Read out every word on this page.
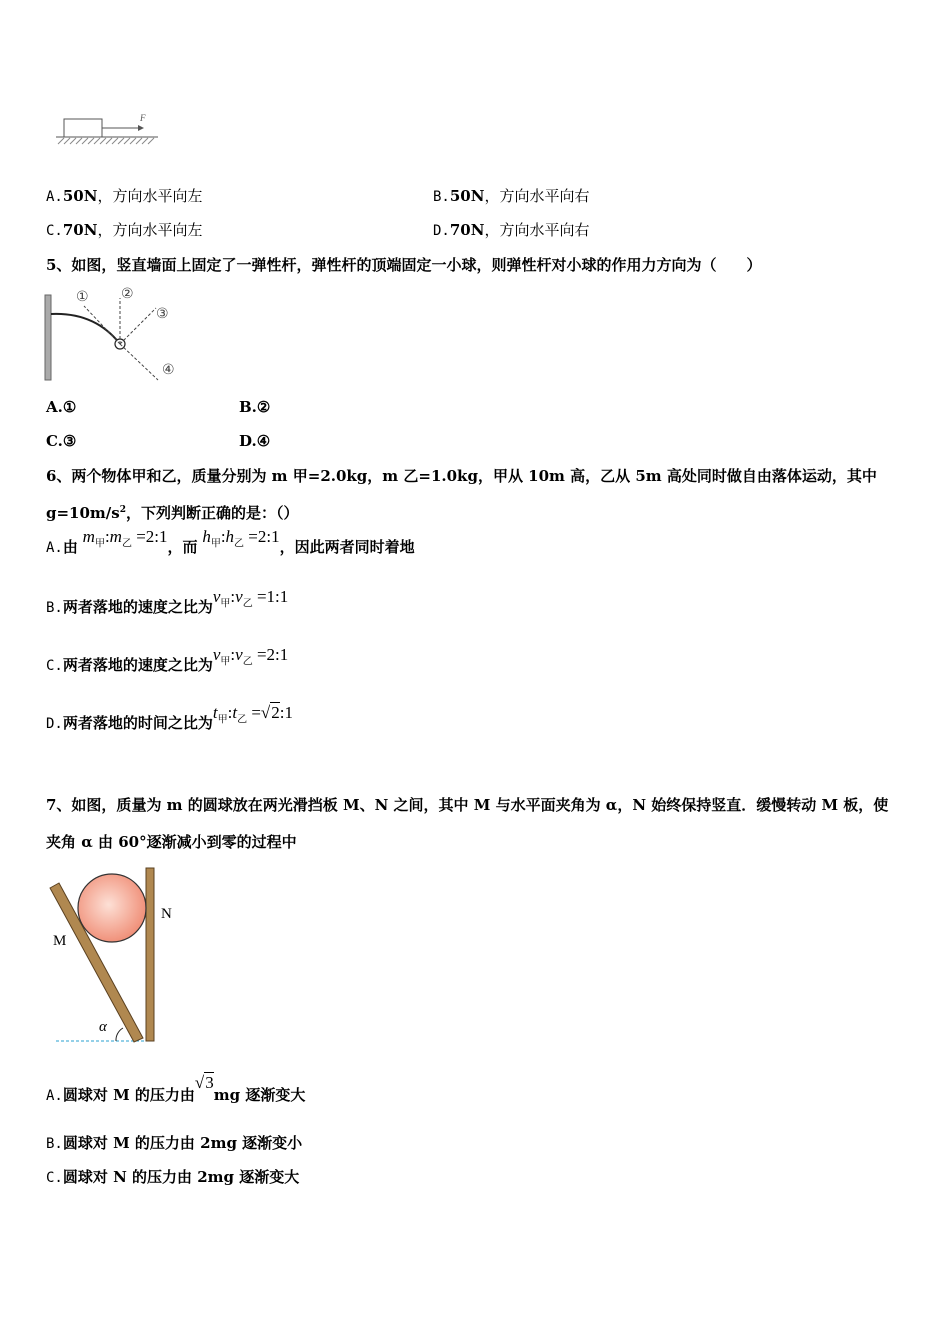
F
A.50N，方向水平向左	B.50N，方向水平向右
C.70N，方向水平向左	D.70N，方向水平向右
5、如图，竖直墙面上固定了一弹性杆，弹性杆的顶端固定一小球，则弹性杆对小球的作用力方向为（　　）
① ②
③
④
A.①	B.②
C.③	D.④
6、两个物体甲和乙，质量分别为 m 甲=2.0kg，m 乙=1.0kg，甲从 10m 高，乙从 5m 高处同时做自由落体运动，其中
$g=10m/s^2$，下列判断正确的是：（）
A.由 $m_甲:m_乙$ =2:1，而 $h_甲:h_乙$ =2:1，因此两者同时着地
B.两者落地的速度之比为$v_甲:v_乙$ =1:1
C.两者落地的速度之比为$v_甲:v_乙$ =2:1
D.两者落地的时间之比为$t_甲:t_乙$ =√2:1
7、如图，质量为 m 的圆球放在两光滑挡板 M、N 之间，其中 M 与水平面夹角为 α，N 始终保持竖直．缓慢转动 M 板，使
夹角 α 由 60°逐渐减小到零的过程中
M
N
α
A.圆球对 M 的压力由√3mg 逐渐变大
B.圆球对 M 的压力由 2mg 逐渐变小
C.圆球对 N 的压力由 2mg 逐渐变大
